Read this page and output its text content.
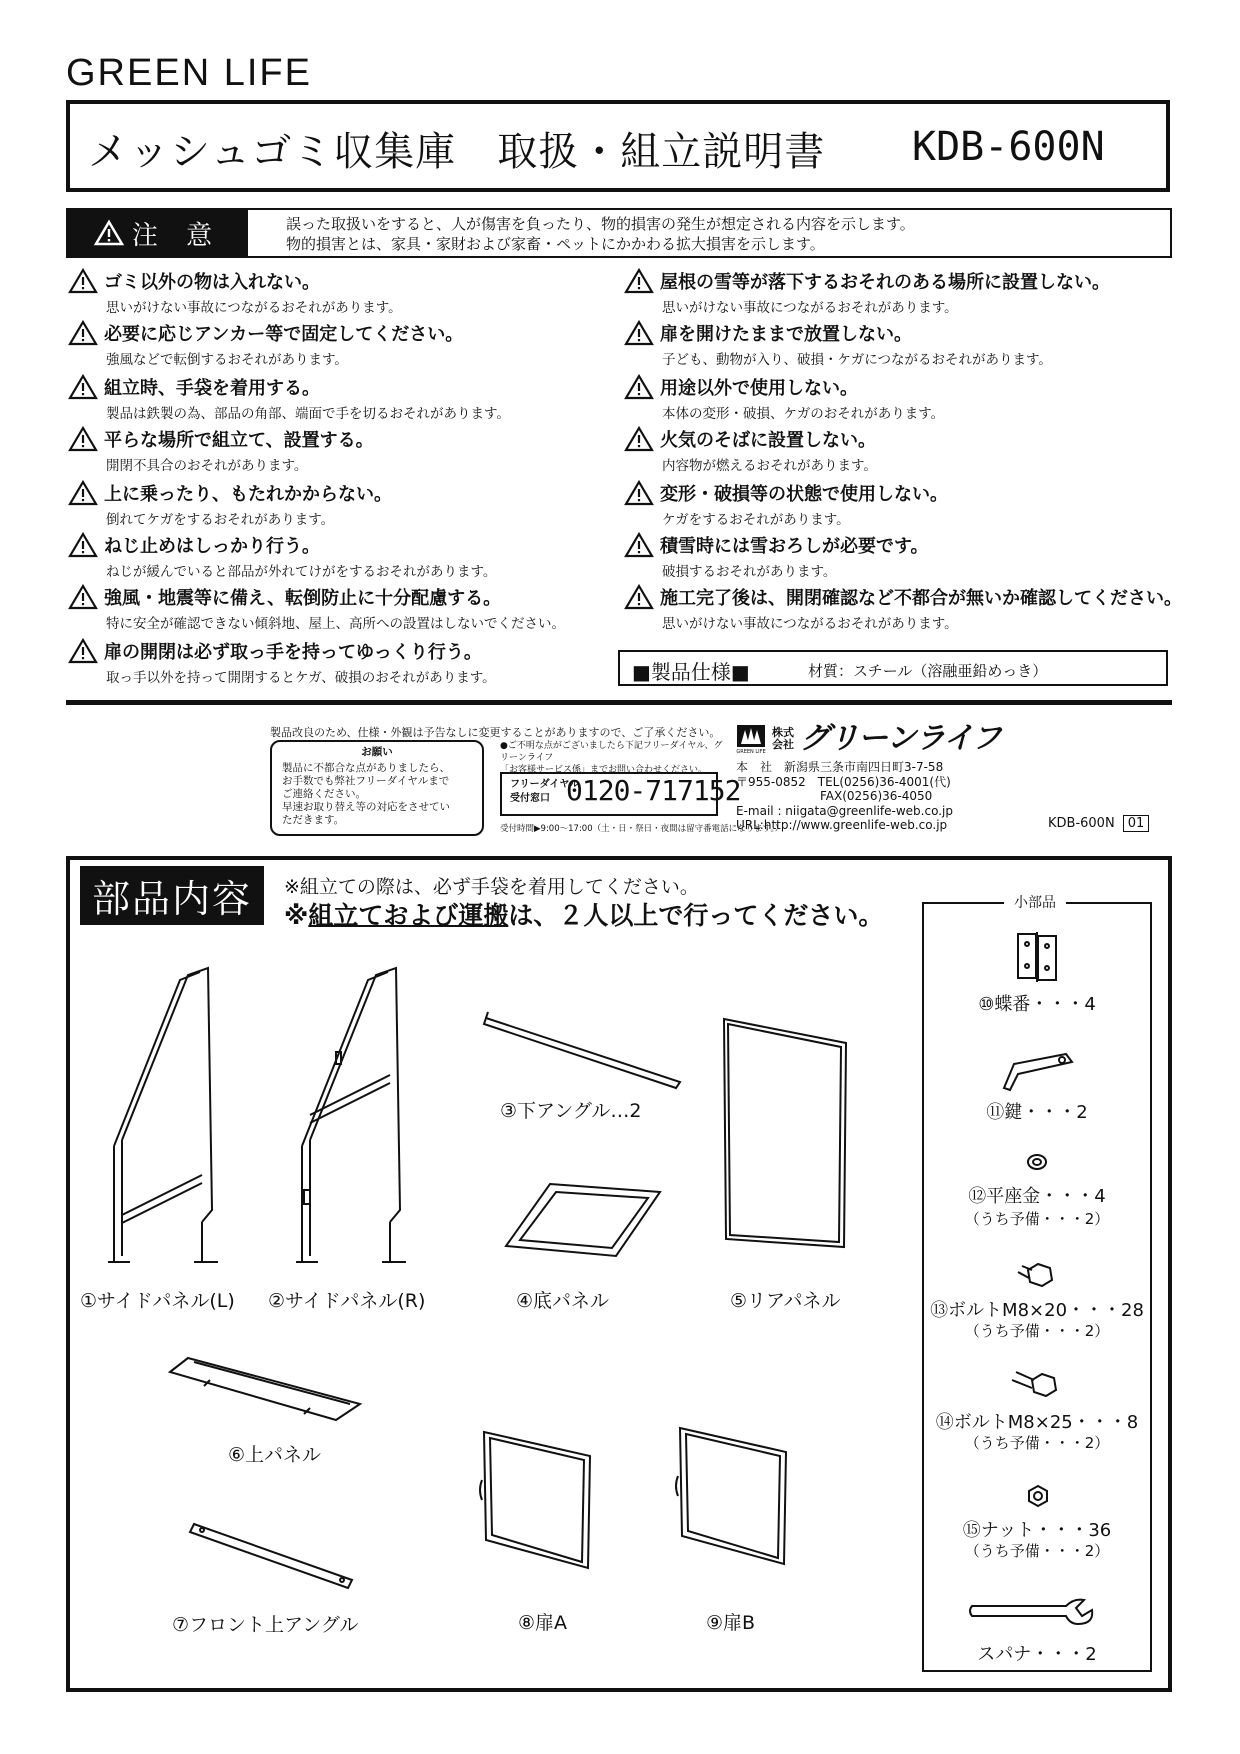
GREEN LIFE
メッシュゴミ収集庫　取扱・組立説明書 KDB-600N
注 意	誤った取扱いをすると、人が傷害を負ったり、物的損害の発生が想定される内容を示します。
物的損害とは、家具・家財および家畜・ペットにかかわる拡大損害を示します。
ゴミ以外の物は入れない。
思いがけない事故につながるおそれがあります。
必要に応じアンカー等で固定してください。
強風などで転倒するおそれがあります。
組立時、手袋を着用する。
製品は鉄製の為、部品の角部、端面で手を切るおそれがあります。
平らな場所で組立て、設置する。
開閉不具合のおそれがあります。
上に乗ったり、もたれかからない。
倒れてケガをするおそれがあります。
ねじ止めはしっかり行う。
ねじが緩んでいると部品が外れてけがをするおそれがあります。
強風・地震等に備え、転倒防止に十分配慮する。
特に安全が確認できない傾斜地、屋上、高所への設置はしないでください。
扉の開閉は必ず取っ手を持ってゆっくり行う。
取っ手以外を持って開閉するとケガ、破損のおそれがあります。
屋根の雪等が落下するおそれのある場所に設置しない。
思いがけない事故につながるおそれがあります。
扉を開けたままで放置しない。
子ども、動物が入り、破損・ケガにつながるおそれがあります。
用途以外で使用しない。
本体の変形・破損、ケガのおそれがあります。
火気のそばに設置しない。
内容物が燃えるおそれがあります。
変形・破損等の状態で使用しない。
ケガをするおそれがあります。
積雪時には雪おろしが必要です。
破損するおそれがあります。
施工完了後は、開閉確認など不都合が無いか確認してください。
思いがけない事故につながるおそれがあります。
■製品仕様■	材質：スチール（溶融亜鉛めっき）
製品改良のため、仕様・外観は予告なしに変更することがありますので、ご了承ください。
お願い
製品に不都合な点がありましたら、
お手数でも弊社フリーダイヤルまで
ご連絡ください。
早速お取り替え等の対応をさせてい
ただきます。
●ご不明な点がございましたら下記フリーダイヤル、グリーンライフ
「お客様サービス係」までお問い合わせください。
フリーダイヤル
受付窓口 0120-717152
受付時間▶9:00～17:00（土・日・祭日・夜間は留守番電話になります。）
GREEN LIFE
株式
会社 グリーンライフ
本　社　新潟県三条市南四日町3-7-58
〒955-0852　TEL(0256)36-4001(代)
　　　　　　　FAX(0256)36-4050
E-mail : niigata@greenlife-web.co.jp
URL:http://www.greenlife-web.co.jp	KDB-600N 01
部品内容	※組立ての際は、必ず手袋を着用してください。
※組立ておよび運搬は、２人以上で行ってください。
①サイドパネル(L) ②サイドパネル(R)
③下アングル…2
④底パネル	⑤リアパネル
⑥上パネル
⑦フロント上アングル	⑧扉A	⑨扉B
小部品
⑩蝶番・・・4
⑪鍵・・・2
⑫平座金・・・4
（うち予備・・・2）
⑬ボルトM8×20・・・28
（うち予備・・・2）
⑭ボルトM8×25・・・8
（うち予備・・・2）
⑮ナット・・・36
（うち予備・・・2）
スパナ・・・2
